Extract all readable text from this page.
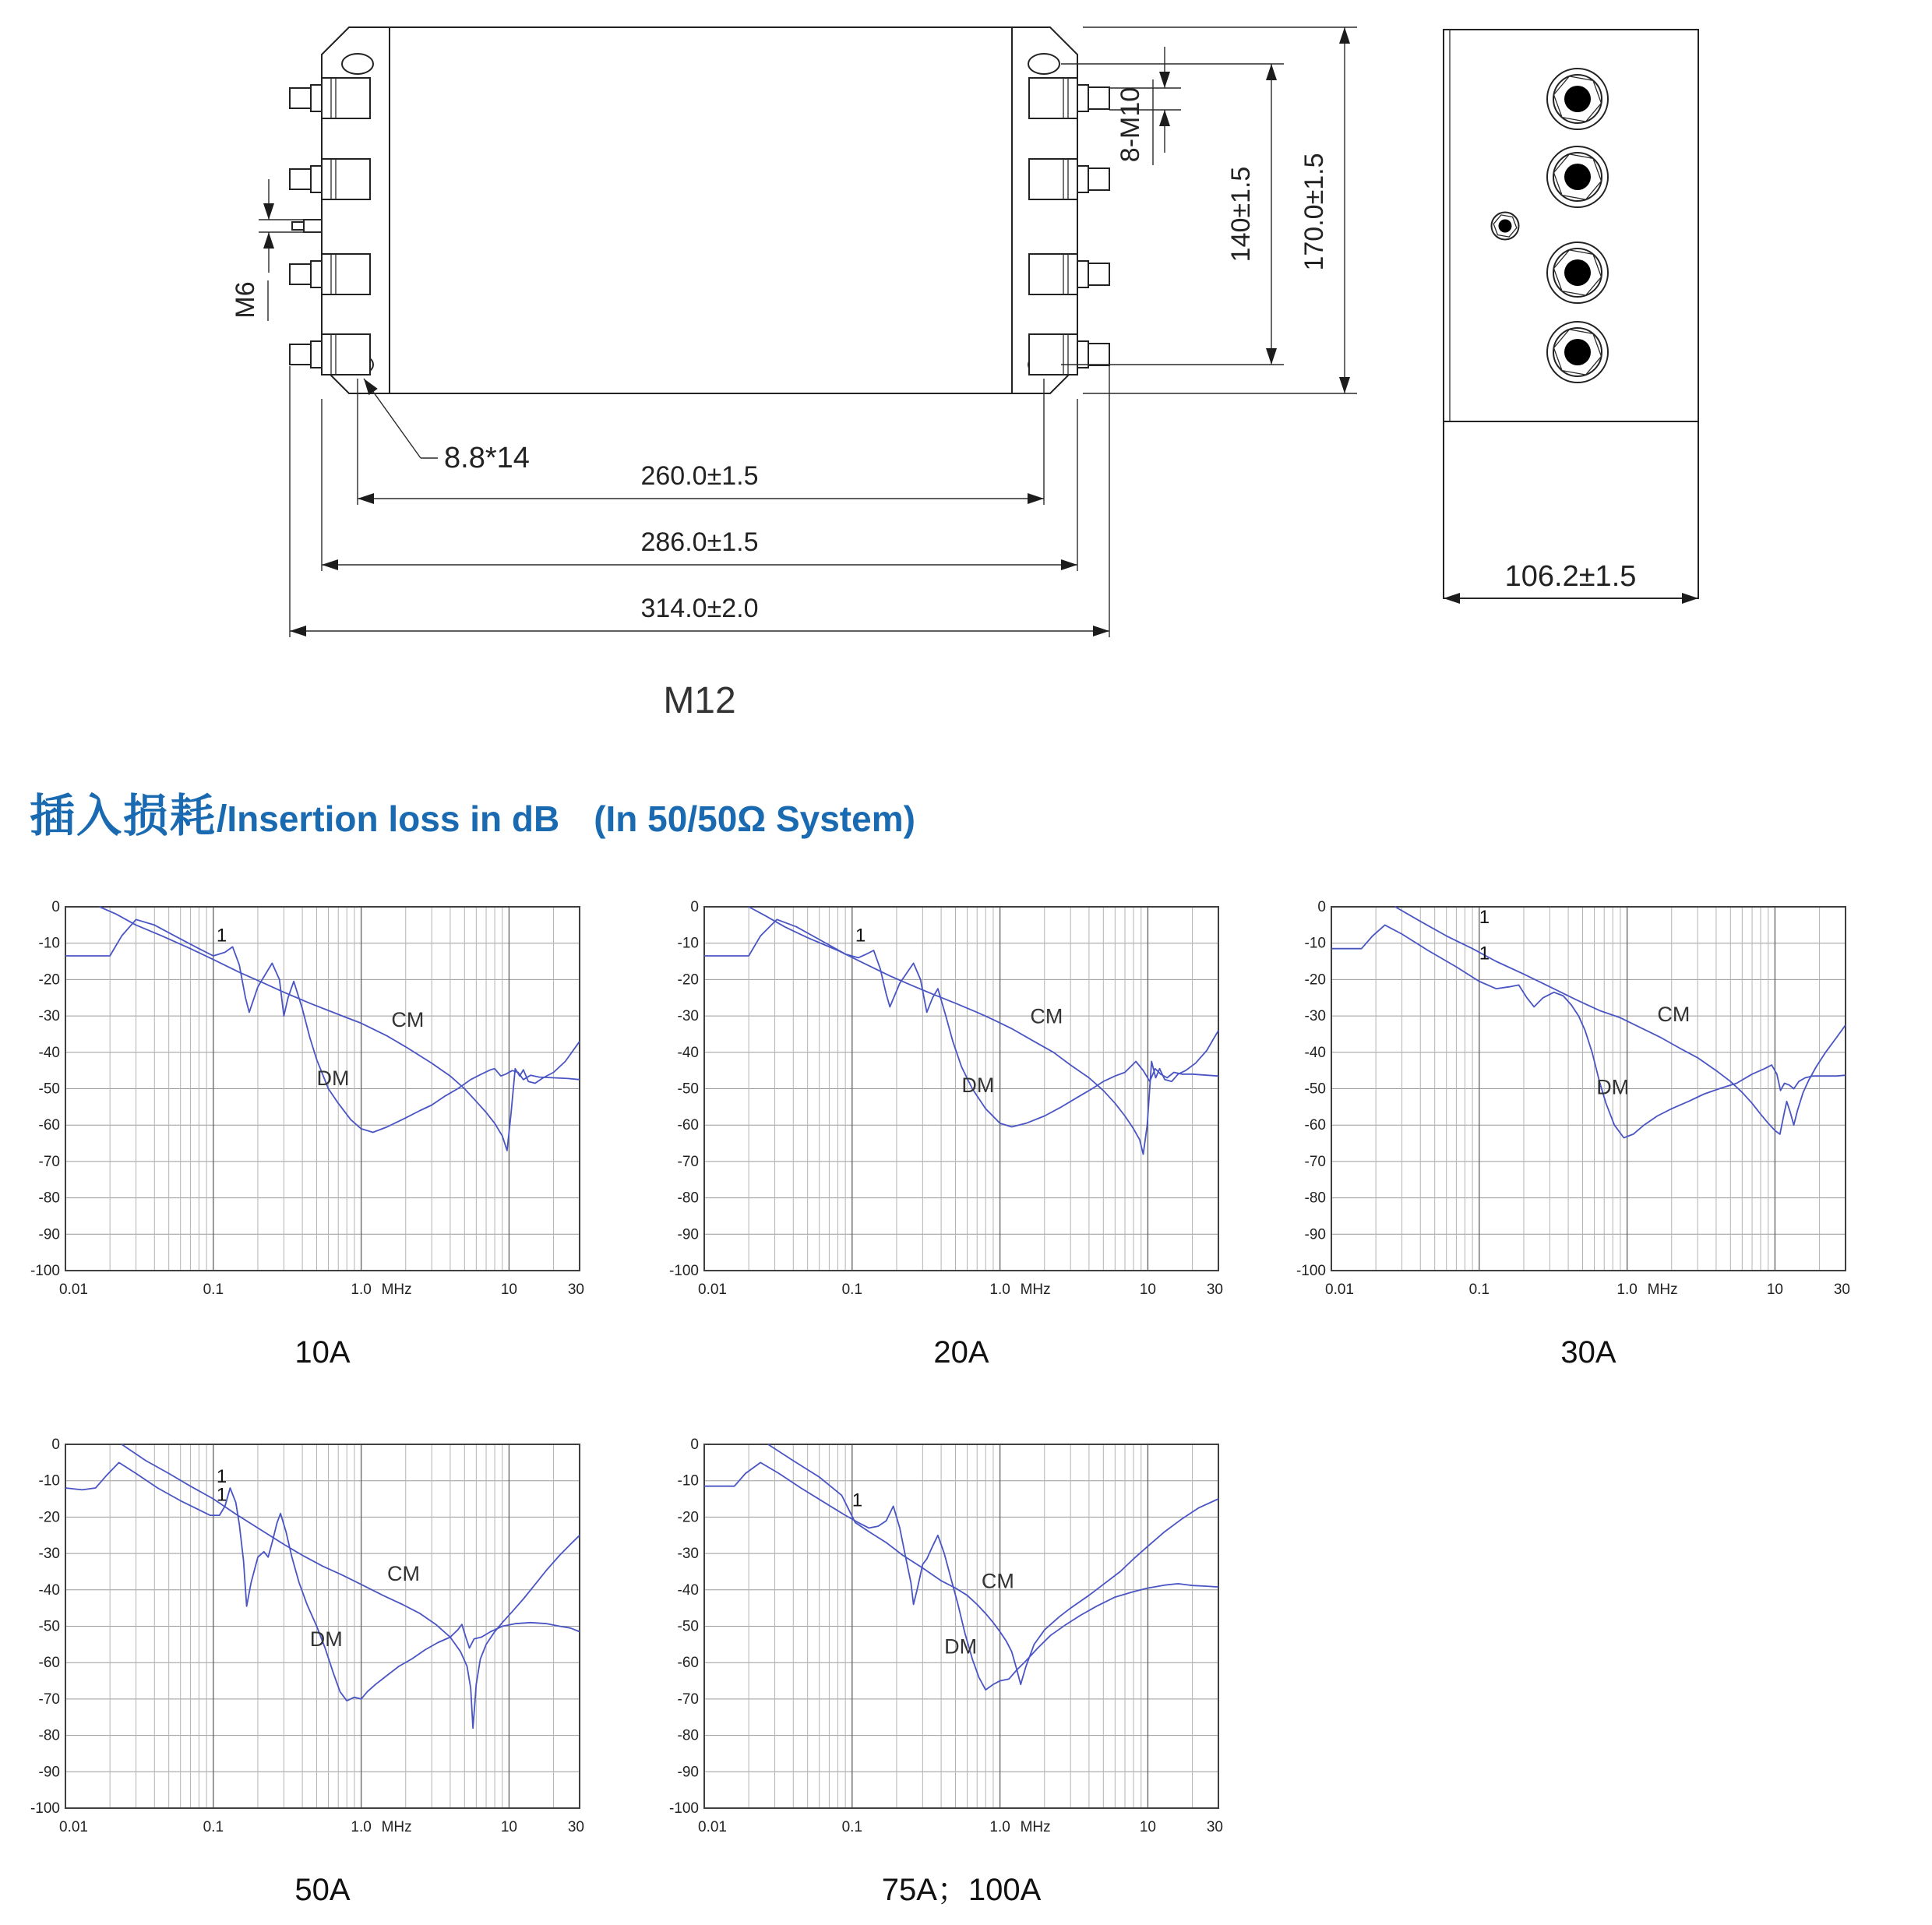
M6
8.8*14
8-M10
140±1.5 170.0±1.5
260.0±1.5
286.0±1.5
314.0±2.0
M12
106.2±1.5
插入损耗/Insertion loss in dB (In 50/50Ω System)
0
-10
-20
-30
-40
-50
-60
-70
-80
-90
-100
0.01	0.1	1.0 MHz	10	30
CM
DM
1
10A
0
-10
-20
-30
-40
-50
-60
-70
-80
-90
-100
0.01	0.1	1.0 MHz	10	30
CM
DM
1
20A
0
-10
-20
-30
-40
-50
-60
-70
-80
-90
-100
0.01	0.1	1.0 MHz	10	30
CM
DM
1
1
30A
0
-10
-20
-30
-40
-50
-60
-70
-80
-90
-100
0.01	0.1	1.0 MHz	10	30
CM
DM
1
1
50A
0
-10
-20
-30
-40
-50
-60
-70
-80
-90
-100
0.01	0.1	1.0 MHz	10	30
CM
DM
1
75A；100A
